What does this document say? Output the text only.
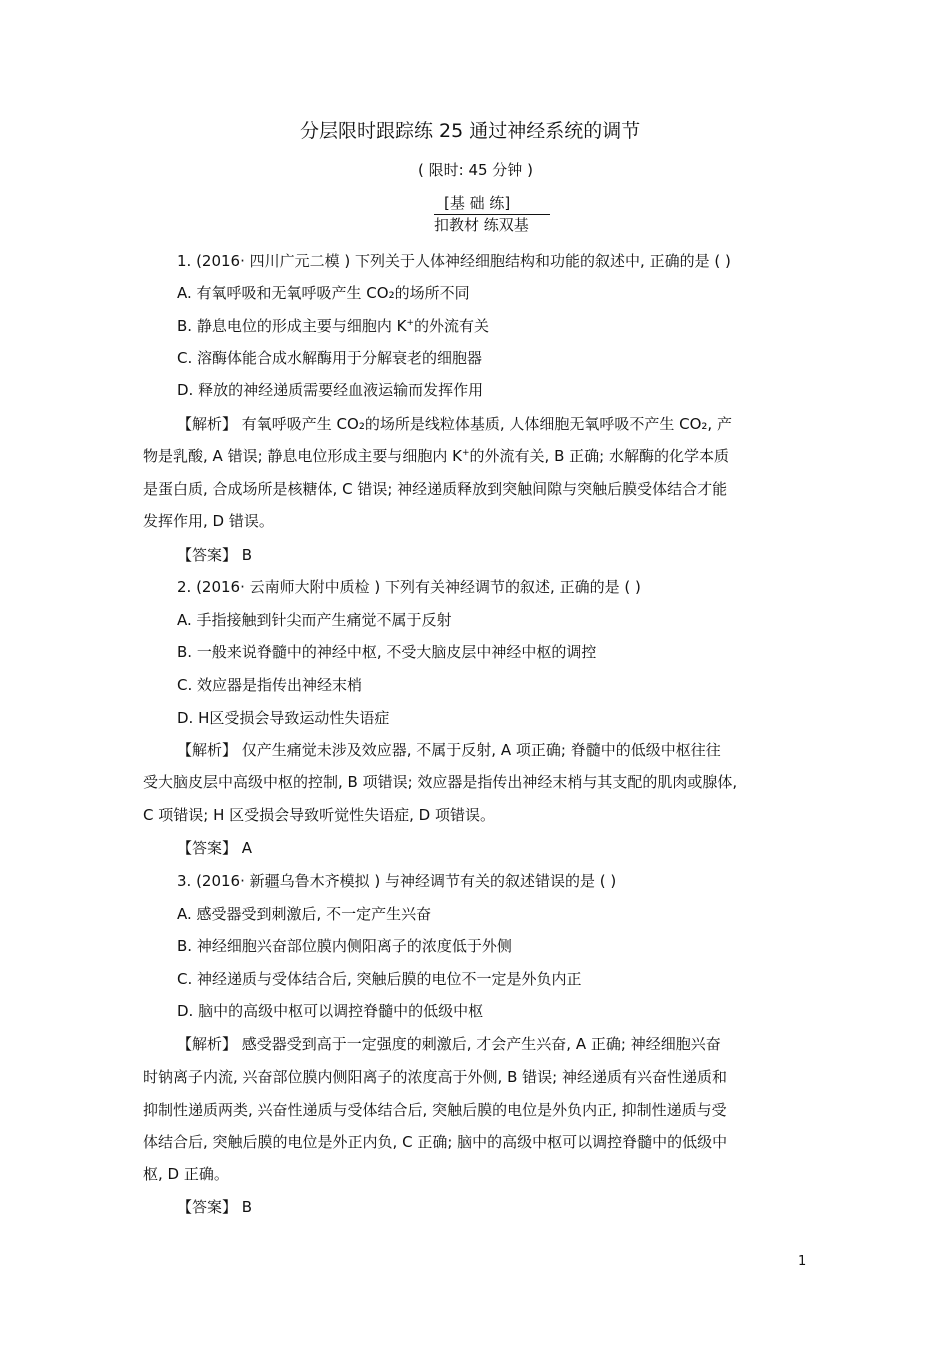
分层限时跟踪练 25 通过神经系统的调节
( 限时: 45 分钟 )
[基 础 练]
扣教材 练双基
1. (2016· 四川广元二模 ) 下列关于人体神经细胞结构和功能的叙述中, 正确的是 ( )
A. 有氧呼吸和无氧呼吸产生 CO₂的场所不同
B. 静息电位的形成主要与细胞内 K+的外流有关
C. 溶酶体能合成水解酶用于分解衰老的细胞器
D. 释放的神经递质需要经血液运输而发挥作用
【解析】 有氧呼吸产生 CO₂的场所是线粒体基质, 人体细胞无氧呼吸不产生 CO₂, 产
物是乳酸, A 错误; 静息电位形成主要与细胞内 K+的外流有关, B 正确; 水解酶的化学本质
是蛋白质, 合成场所是核糖体, C 错误; 神经递质释放到突触间隙与突触后膜受体结合才能
发挥作用, D 错误。
【答案】 B
2. (2016· 云南师大附中质检 ) 下列有关神经调节的叙述, 正确的是 ( )
A. 手指接触到针尖而产生痛觉不属于反射
B. 一般来说脊髓中的神经中枢, 不受大脑皮层中神经中枢的调控
C. 效应器是指传出神经末梢
D. H区受损会导致运动性失语症
【解析】 仅产生痛觉未涉及效应器, 不属于反射, A 项正确; 脊髓中的低级中枢往往
受大脑皮层中高级中枢的控制, B 项错误; 效应器是指传出神经末梢与其支配的肌肉或腺体,
C 项错误; H 区受损会导致听觉性失语症, D 项错误。
【答案】 A
3. (2016· 新疆乌鲁木齐模拟 ) 与神经调节有关的叙述错误的是 ( )
A. 感受器受到刺激后, 不一定产生兴奋
B. 神经细胞兴奋部位膜内侧阳离子的浓度低于外侧
C. 神经递质与受体结合后, 突触后膜的电位不一定是外负内正
D. 脑中的高级中枢可以调控脊髓中的低级中枢
【解析】 感受器受到高于一定强度的刺激后, 才会产生兴奋, A 正确; 神经细胞兴奋
时钠离子内流, 兴奋部位膜内侧阳离子的浓度高于外侧, B 错误; 神经递质有兴奋性递质和
抑制性递质两类, 兴奋性递质与受体结合后, 突触后膜的电位是外负内正, 抑制性递质与受
体结合后, 突触后膜的电位是外正内负, C 正确; 脑中的高级中枢可以调控脊髓中的低级中
枢, D 正确。
【答案】 B
1
